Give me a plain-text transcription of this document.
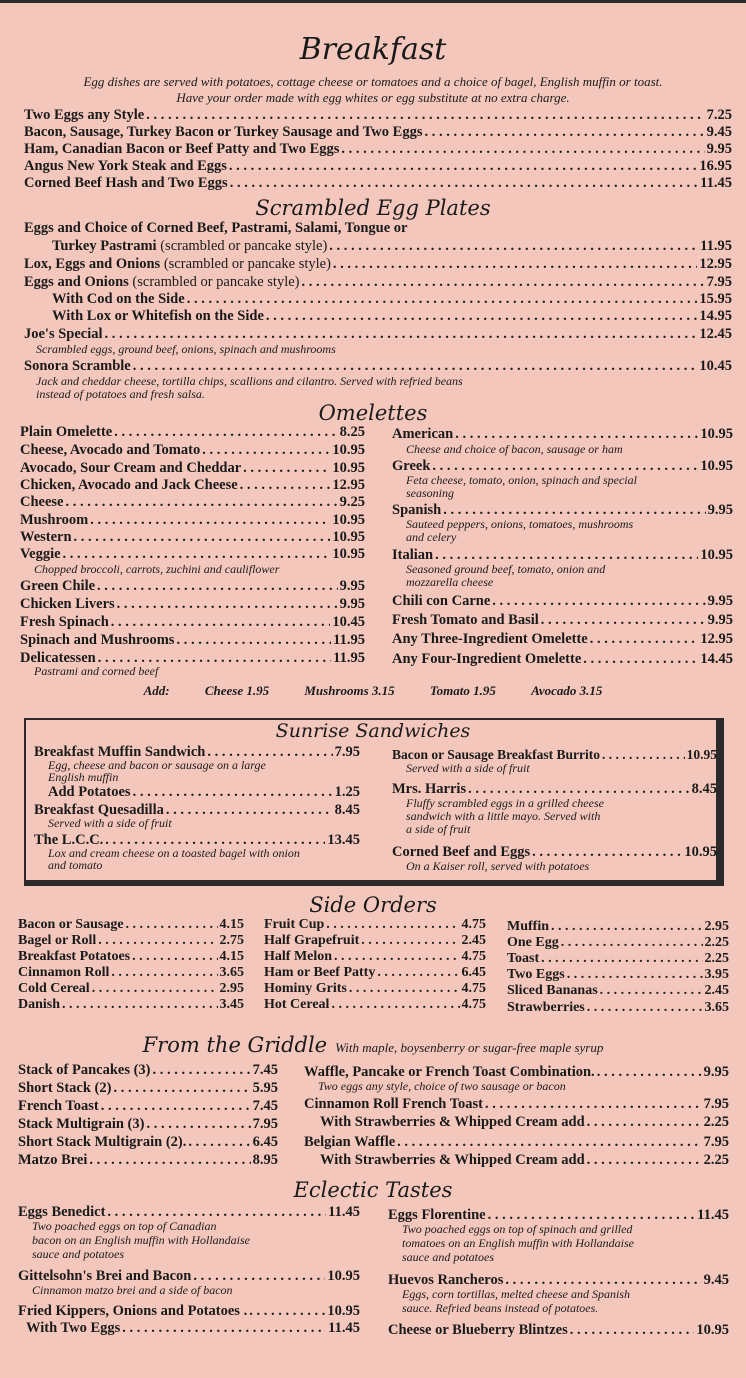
Breakfast
Egg dishes are served with potatoes, cottage cheese or tomatoes and a choice of bagel, English muffin or toast.
Have your order made with egg whites or egg substitute at no extra charge.
Two Eggs any Style . . .	7.25
Bacon, Sausage, Turkey Bacon or Turkey Sausage and Two Eggs . . .	9.45
Ham, Canadian Bacon or Beef Patty and Two Eggs . . .	9.95
Angus New York Steak and Eggs . . .	16.95
Corned Beef Hash and Two Eggs . . .	11.45
Scrambled Egg Plates
Eggs and Choice of Corned Beef, Pastrami, Salami, Tongue or
Turkey Pastrami (scrambled or pancake style) . . .	11.95
Lox, Eggs and Onions (scrambled or pancake style) . . .	12.95
Eggs and Onions (scrambled or pancake style) . . .	7.95
With Cod on the Side . . .	15.95
With Lox or Whitefish on the Side . . .	14.95
Joe's Special . . .	12.45
Scrambled eggs, ground beef, onions, spinach and mushrooms
Sonora Scramble . . .	10.45
Jack and cheddar cheese, tortilla chips, scallions and cilantro. Served with refried beans
instead of potatoes and fresh salsa.
Omelettes
Plain Omelette . . .	8.25
Cheese, Avocado and Tomato . . .	10.95
Avocado, Sour Cream and Cheddar . . .	10.95
Chicken, Avocado and Jack Cheese . . .	12.95
Cheese . . .	9.25
Mushroom . . .	10.95
Western . . .	10.95
Veggie . . .	10.95
Chopped broccoli, carrots, zuchini and cauliflower
Green Chile . . .	9.95
Chicken Livers . . .	9.95
Fresh Spinach . . .	10.45
Spinach and Mushrooms . . .	11.95
Delicatessen . . .	11.95
Pastrami and corned beef
American . . .	10.95
Cheese and choice of bacon, sausage or ham
Greek . . .	10.95
Feta cheese, tomato, onion, spinach and special
seasoning
Spanish . . .	9.95
Sauteed peppers, onions, tomatoes, mushrooms
and celery
Italian . . .	10.95
Seasoned ground beef, tomato, onion and
mozzarella cheese
Chili con Carne . . .	9.95
Fresh Tomato and Basil . . .	9.95
Any Three-Ingredient Omelette . . .	12.95
Any Four-Ingredient Omelette . . .	14.45
Add:	Cheese 1.95	Mushrooms 3.15	Tomato 1.95	Avocado 3.15
Sunrise Sandwiches
Breakfast Muffin Sandwich . . .	7.95
Egg, cheese and bacon or sausage on a large
English muffin
Add Potatoes . . .	1.25
Breakfast Quesadilla . . .	8.45
Served with a side of fruit
The L.C.C. . . .	13.45
Lox and cream cheese on a toasted bagel with onion
and tomato
Bacon or Sausage Breakfast Burrito . . .	10.95
Served with a side of fruit
Mrs. Harris . . .	8.45
Fluffy scrambled eggs in a grilled cheese
sandwich with a little mayo. Served with
a side of fruit
Corned Beef and Eggs . . .	10.95
On a Kaiser roll, served with potatoes
Side Orders
Bacon or Sausage . . .	4.15
Bagel or Roll . . .	2.75
Breakfast Potatoes . . .	4.15
Cinnamon Roll . . .	3.65
Cold Cereal . . .	2.95
Danish . . .	3.45
Fruit Cup . . .	4.75
Half Grapefruit . . .	2.45
Half Melon . . .	4.75
Ham or Beef Patty . . .	6.45
Hominy Grits . . .	4.75
Hot Cereal . . .	4.75
Muffin . . .	2.95
One Egg . . .	2.25
Toast . . .	2.25
Two Eggs . . .	3.95
Sliced Bananas . . .	2.45
Strawberries . . .	3.65
From the Griddle With maple, boysenberry or sugar-free maple syrup
Stack of Pancakes (3) . . .	7.45
Short Stack (2) . . .	5.95
French Toast . . .	7.45
Stack Multigrain (3) . . .	7.95
Short Stack Multigrain (2). . . .	6.45
Matzo Brei . . .	8.95
Waffle, Pancake or French Toast Combination. . . .	9.95
Two eggs any style, choice of two sausage or bacon
Cinnamon Roll French Toast . . .	7.95
With Strawberries & Whipped Cream add . . .	2.25
Belgian Waffle . . .	7.95
With Strawberries & Whipped Cream add . . .	2.25
Eclectic Tastes
Eggs Benedict . . .	11.45
Two poached eggs on top of Canadian
bacon on an English muffin with Hollandaise
sauce and potatoes
Gittelsohn's Brei and Bacon . . .	10.95
Cinnamon matzo brei and a side of bacon
Fried Kippers, Onions and Potatoes . . . .	10.95
With Two Eggs . . .	11.45
Eggs Florentine . . .	11.45
Two poached eggs on top of spinach and grilled
tomatoes on an English muffin with Hollandaise
sauce and potatoes
Huevos Rancheros . . .	9.45
Eggs, corn tortillas, melted cheese and Spanish
sauce. Refried beans instead of potatoes.
Cheese or Blueberry Blintzes . . .	10.95
